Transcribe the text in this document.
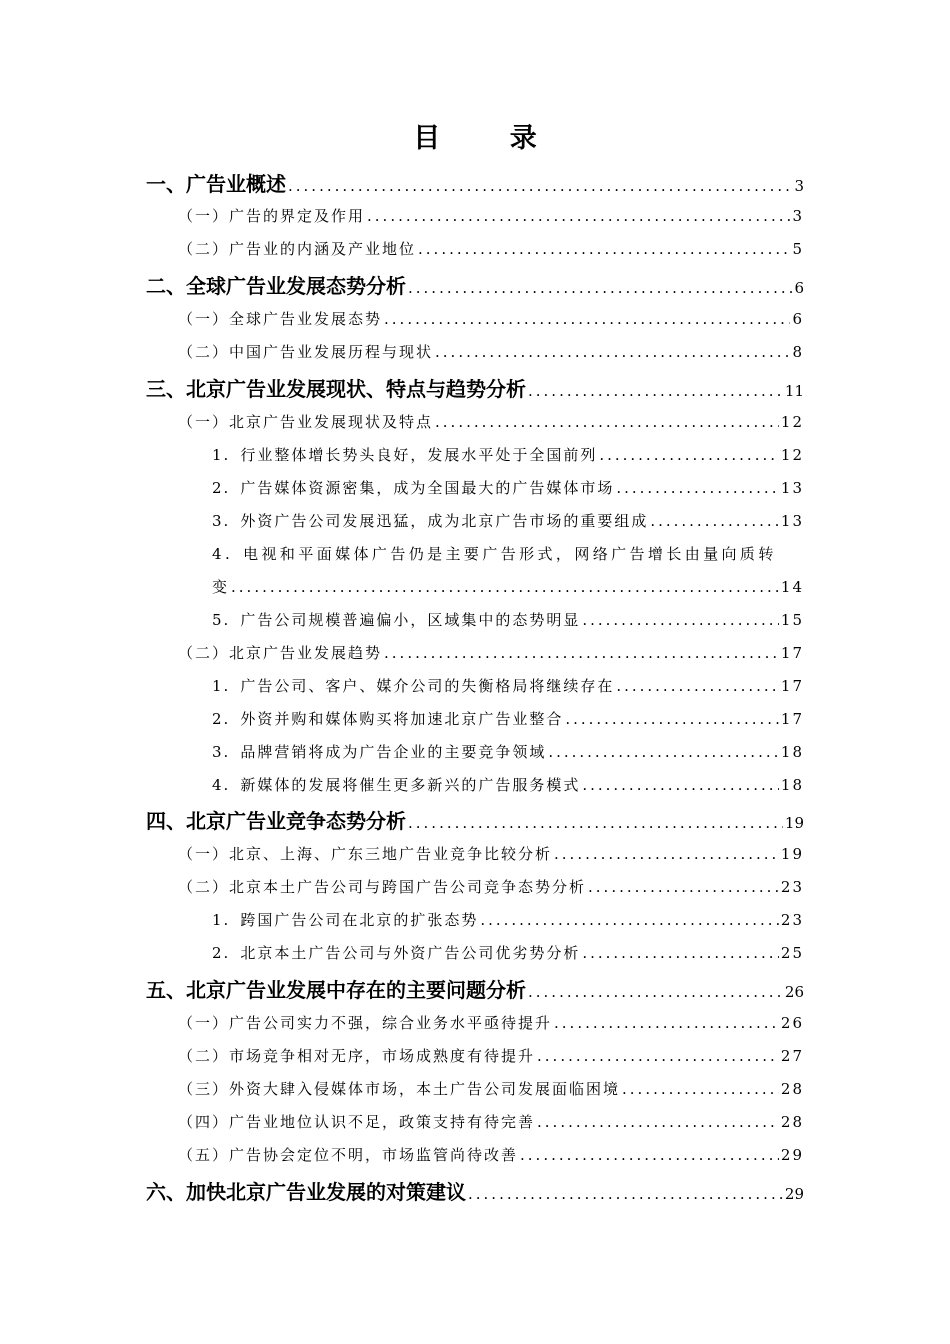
目 录
一、广告业概述 .....	3
（一）广告的界定及作用 .....	3
（二）广告业的内涵及产业地位 .....	5
二、全球广告业发展态势分析 .....	6
（一）全球广告业发展态势 .....	6
（二）中国广告业发展历程与现状 .....	8
三、北京广告业发展现状、特点与趋势分析 .....	11
（一）北京广告业发展现状及特点 .....	12
1. 行业整体增长势头良好，发展水平处于全国前列 .....	12
2. 广告媒体资源密集，成为全国最大的广告媒体市场 .....	13
3. 外资广告公司发展迅猛，成为北京广告市场的重要组成 .....	13
4. 电视和平面媒体广告仍是主要广告形式，网络广告增长由量向质转
变 .....	14
5. 广告公司规模普遍偏小，区域集中的态势明显 .....	15
（二）北京广告业发展趋势 .....	17
1. 广告公司、客户、媒介公司的失衡格局将继续存在 .....	17
2. 外资并购和媒体购买将加速北京广告业整合 .....	17
3. 品牌营销将成为广告企业的主要竞争领域 .....	18
4. 新媒体的发展将催生更多新兴的广告服务模式 .....	18
四、北京广告业竞争态势分析 .....	19
（一）北京、上海、广东三地广告业竞争比较分析 .....	19
（二）北京本土广告公司与跨国广告公司竞争态势分析 .....	23
1. 跨国广告公司在北京的扩张态势 .....	23
2. 北京本土广告公司与外资广告公司优劣势分析 .....	25
五、北京广告业发展中存在的主要问题分析 .....	26
（一）广告公司实力不强，综合业务水平亟待提升 .....	26
（二）市场竞争相对无序，市场成熟度有待提升 .....	27
（三）外资大肆入侵媒体市场，本土广告公司发展面临困境 .....	28
（四）广告业地位认识不足，政策支持有待完善 .....	28
（五）广告协会定位不明，市场监管尚待改善 .....	29
六、加快北京广告业发展的对策建议 .....	29
